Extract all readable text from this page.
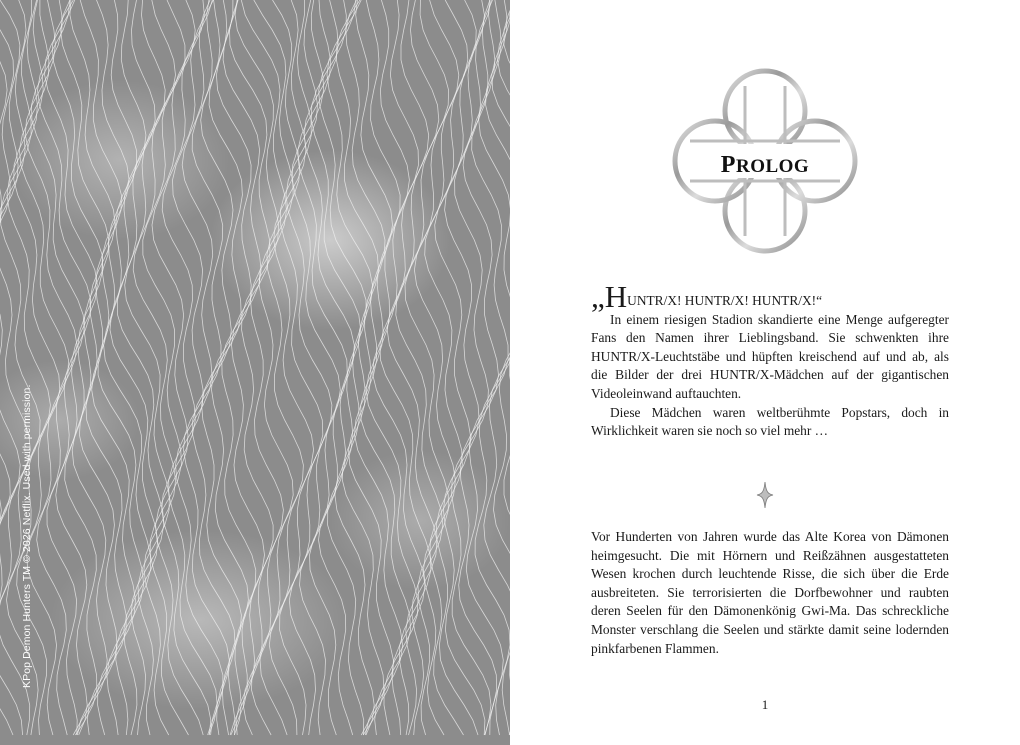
KPop Demon Hunters TM © 2026 Netflix. Used with permission.
PROLOG

„HUNTR/X! HUNTR/X! HUNTR/X!“

In einem riesigen Stadion skandierte eine Menge aufgeregter Fans den Namen ihrer Lieblingsband. Sie schwenkten ihre HUNTR/X-Leuchtstäbe und hüpften kreischend auf und ab, als die Bilder der drei HUNTR/X-Mädchen auf der gigantischen Videoleinwand auftauchten.

Diese Mädchen waren weltberühmte Popstars, doch in Wirklichkeit waren sie noch so viel mehr …

Vor Hunderten von Jahren wurde das Alte Korea von Dämonen heimgesucht. Die mit Hörnern und Reißzähnen ausgestatteten Wesen krochen durch leuchtende Risse, die sich über die Erde ausbreiteten. Sie terrorisierten die Dorfbewohner und raubten deren Seelen für den Dämonenkönig Gwi-Ma. Das schreckliche Monster verschlang die Seelen und stärkte damit seine lodernden pinkfarbenen Flammen.

1
